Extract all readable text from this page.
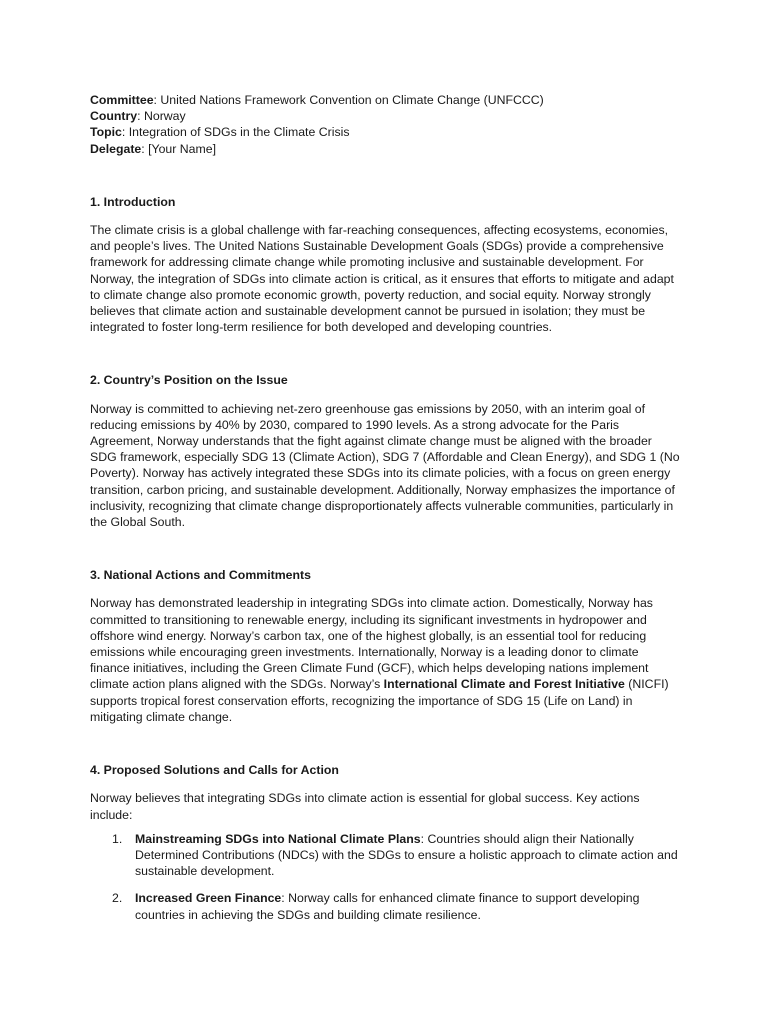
Committee: United Nations Framework Convention on Climate Change (UNFCCC)

Country: Norway

Topic: Integration of SDGs in the Climate Crisis

Delegate: [Your Name]

1. Introduction

The climate crisis is a global challenge with far-reaching consequences, affecting ecosystems, economies, and people’s lives. The United Nations Sustainable Development Goals (SDGs) provide a comprehensive framework for addressing climate change while promoting inclusive and sustainable development. For Norway, the integration of SDGs into climate action is critical, as it ensures that efforts to mitigate and adapt to climate change also promote economic growth, poverty reduction, and social equity. Norway strongly believes that climate action and sustainable development cannot be pursued in isolation; they must be integrated to foster long-term resilience for both developed and developing countries.

2. Country’s Position on the Issue

Norway is committed to achieving net-zero greenhouse gas emissions by 2050, with an interim goal of reducing emissions by 40% by 2030, compared to 1990 levels. As a strong advocate for the Paris Agreement, Norway understands that the fight against climate change must be aligned with the broader SDG framework, especially SDG 13 (Climate Action), SDG 7 (Affordable and Clean Energy), and SDG 1 (No Poverty). Norway has actively integrated these SDGs into its climate policies, with a focus on green energy transition, carbon pricing, and sustainable development. Additionally, Norway emphasizes the importance of inclusivity, recognizing that climate change disproportionately affects vulnerable communities, particularly in the Global South.

3. National Actions and Commitments

Norway has demonstrated leadership in integrating SDGs into climate action. Domestically, Norway has committed to transitioning to renewable energy, including its significant investments in hydropower and offshore wind energy. Norway’s carbon tax, one of the highest globally, is an essential tool for reducing emissions while encouraging green investments. Internationally, Norway is a leading donor to climate finance initiatives, including the Green Climate Fund (GCF), which helps developing nations implement climate action plans aligned with the SDGs. Norway’s International Climate and Forest Initiative (NICFI) supports tropical forest conservation efforts, recognizing the importance of SDG 15 (Life on Land) in mitigating climate change.

4. Proposed Solutions and Calls for Action

Norway believes that integrating SDGs into climate action is essential for global success. Key actions include:

1. Mainstreaming SDGs into National Climate Plans: Countries should align their Nationally Determined Contributions (NDCs) with the SDGs to ensure a holistic approach to climate action and sustainable development.
2. Increased Green Finance: Norway calls for enhanced climate finance to support developing countries in achieving the SDGs and building climate resilience.
